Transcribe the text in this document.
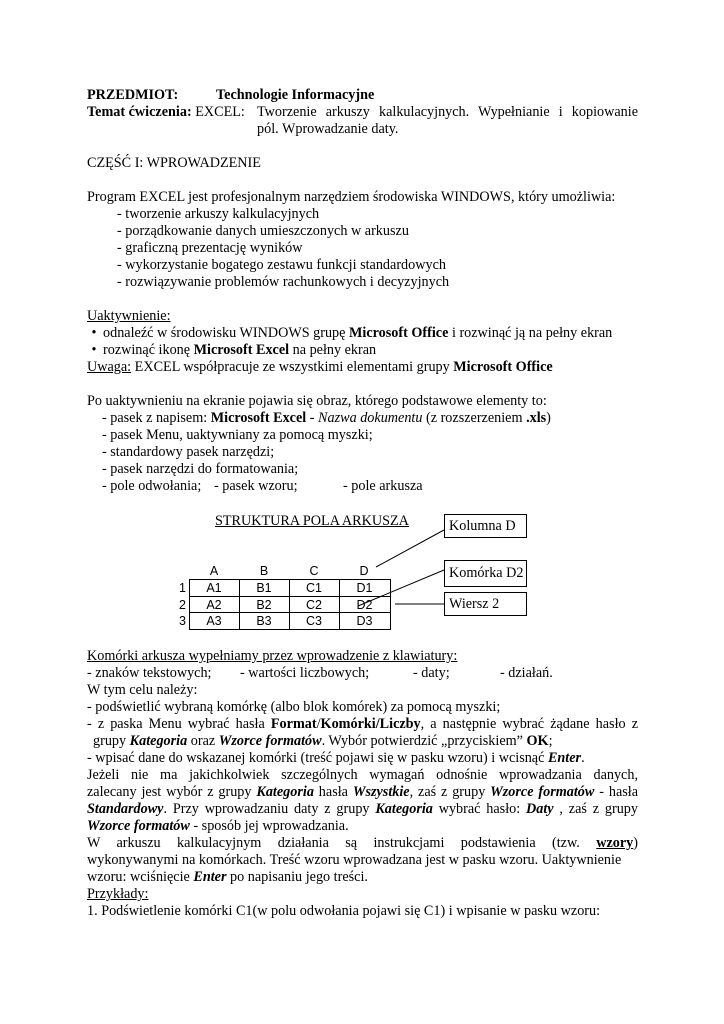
PRZEDMIOT:	Technologie Informacyjne
Temat ćwiczenia: EXCEL: Tworzenie arkuszy kalkulacyjnych. Wypełnianie i kopiowanie
pól. Wprowadzanie daty.
CZĘŚĆ I: WPROWADZENIE
Program EXCEL jest profesjonalnym narzędziem środowiska WINDOWS, który umożliwia:
- tworzenie arkuszy kalkulacyjnych
- porządkowanie danych umieszczonych w arkuszu
- graficzną prezentację wyników
- wykorzystanie bogatego zestawu funkcji standardowych
- rozwiązywanie problemów rachunkowych i decyzyjnych
Uaktywnienie:
•
odnaleźć w środowisku WINDOWS grupę Microsoft Office i rozwinąć ją na pełny ekran
•
rozwinąć ikonę Microsoft Excel na pełny ekran
Uwaga: EXCEL współpracuje ze wszystkimi elementami grupy Microsoft Office
Po uaktywnieniu na ekranie pojawia się obraz, którego podstawowe elementy to:
- pasek z napisem: Microsoft Excel - Nazwa dokumentu (z rozszerzeniem .xls)
- pasek Menu, uaktywniany za pomocą myszki;
- standardowy pasek narzędzi;
- pasek narzędzi do formatowania;
- pole odwołania; - pasek wzoru;	- pole arkusza
STRUKTURA POLA ARKUSZA	Kolumna D
Komórka D2
Wiersz 2
A	B	C	D
1
2
3
A1	B1	C1	D1
A2	B2	C2	D2
A3	B3	C3	D3
Komórki arkusza wypełniamy przez wprowadzenie z klawiatury:
- znaków tekstowych; - wartości liczbowych;	- daty;	- działań.
W tym celu należy:
- podświetlić wybraną komórkę (albo blok komórek) za pomocą myszki;
- z paska Menu wybrać hasła Format/Komórki/Liczby, a następnie wybrać żądane hasło z
grupy Kategoria oraz Wzorce formatów. Wybór potwierdzić „przyciskiem” OK;
- wpisać dane do wskazanej komórki (treść pojawi się w pasku wzoru) i wcisnąć Enter.
Jeżeli nie ma jakichkolwiek szczególnych wymagań odnośnie wprowadzania danych,
zalecany jest wybór z grupy Kategoria hasła Wszystkie, zaś z grupy Wzorce formatów - hasła
Standardowy. Przy wprowadzaniu daty z grupy Kategoria wybrać hasło: Daty , zaś z grupy
Wzorce formatów - sposób jej wprowadzania.
W arkuszu kalkulacyjnym działania są instrukcjami podstawienia (tzw. wzory)
wykonywanymi na komórkach. Treść wzoru wprowadzana jest w pasku wzoru. Uaktywnienie
wzoru: wciśnięcie Enter po napisaniu jego treści.
Przykłady:
1. Podświetlenie komórki C1(w polu odwołania pojawi się C1) i wpisanie w pasku wzoru:
